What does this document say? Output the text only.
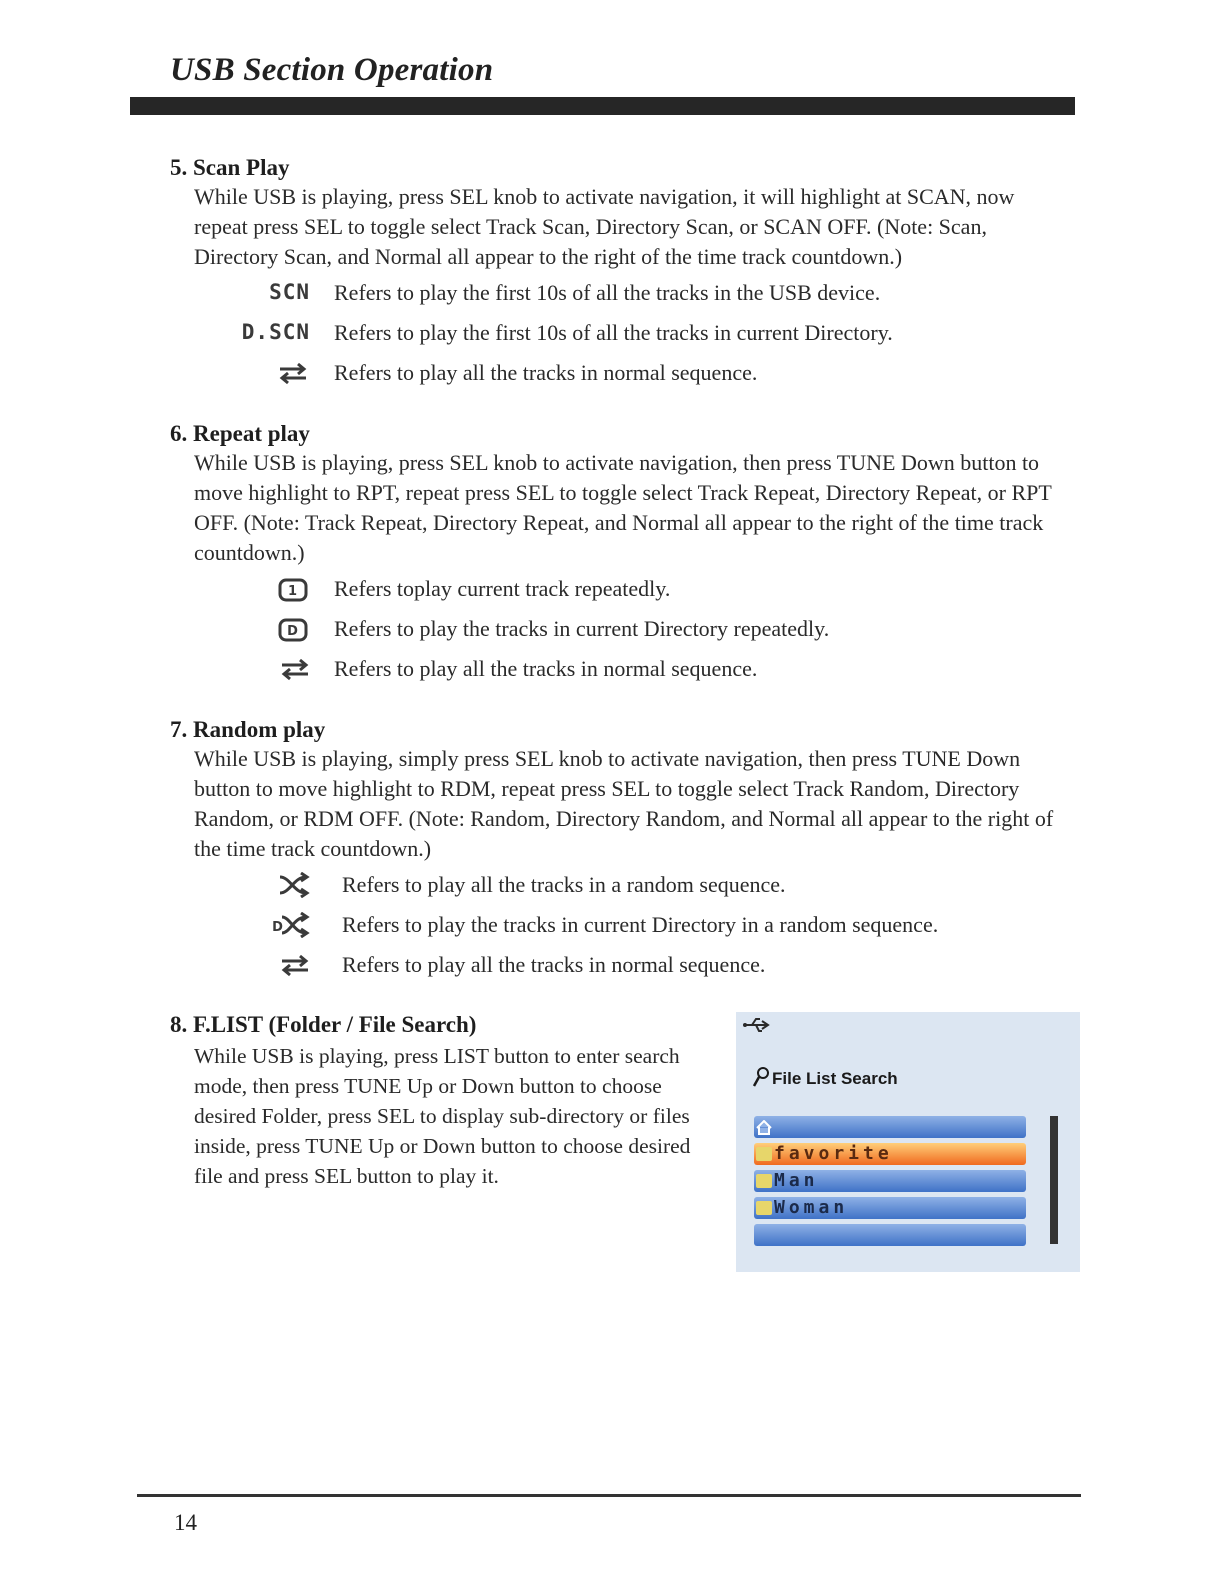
USB Section Operation
5. Scan Play

While USB is playing, press SEL knob to activate navigation, it will highlight at SCAN, now repeat press SEL to toggle select Track Scan, Directory Scan, or SCAN OFF. (Note: Scan, Directory Scan, and Normal all appear to the right of the time track countdown.)

SCN Refers to play the first 10s of all the tracks in the USB device.
D.SCN Refers to play the first 10s of all the tracks in current Directory.
Refers to play all the tracks in normal sequence.
6. Repeat play

While USB is playing, press SEL knob to activate navigation, then press TUNE Down button to move highlight to RPT, repeat press SEL to toggle select Track Repeat, Directory Repeat, or RPT OFF. (Note: Track Repeat, Directory Repeat, and Normal all appear to the right of the time track countdown.)

1 Refers toplay current track repeatedly.
D Refers to play the tracks in current Directory repeatedly.
Refers to play all the tracks in normal sequence.
7. Random play

While USB is playing, simply press SEL knob to activate navigation, then press TUNE Down button to move highlight to RDM, repeat press SEL to toggle select Track Random, Directory Random, or RDM OFF. (Note: Random, Directory Random, and Normal all appear to the right of the time track countdown.)

Refers to play all the tracks in a random sequence.
D	Refers to play the tracks in current Directory in a random sequence.
Refers to play all the tracks in normal sequence.
8. F.LIST (Folder / File Search)

While USB is playing, press LIST button to enter search mode, then press TUNE Up or Down button to choose desired Folder, press SEL to display sub-directory or files inside, press TUNE Up or Down button to choose desired file and press SEL button to play it.

File List Search
favorite
Man
Woman
14
